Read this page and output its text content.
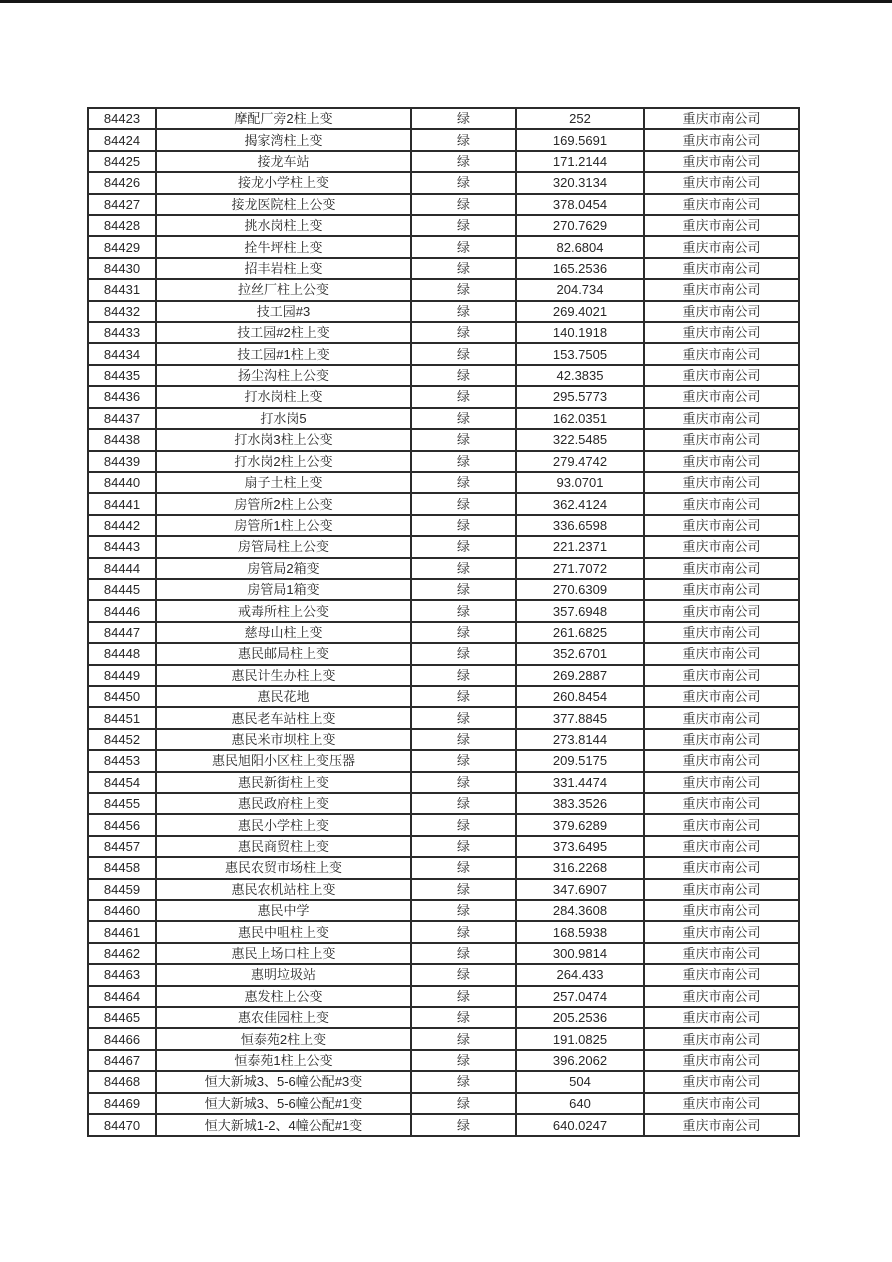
84423	摩配厂旁2柱上变	绿	252	重庆市南公司
84424	揭家湾柱上变	绿	169.5691	重庆市南公司
84425	接龙车站	绿	171.2144	重庆市南公司
84426	接龙小学柱上变	绿	320.3134	重庆市南公司
84427	接龙医院柱上公变	绿	378.0454	重庆市南公司
84428	挑水岗柱上变	绿	270.7629	重庆市南公司
84429	拴牛坪柱上变	绿	82.6804	重庆市南公司
84430	招丰岩柱上变	绿	165.2536	重庆市南公司
84431	拉丝厂柱上公变	绿	204.734	重庆市南公司
84432	技工园#3	绿	269.4021	重庆市南公司
84433	技工园#2柱上变	绿	140.1918	重庆市南公司
84434	技工园#1柱上变	绿	153.7505	重庆市南公司
84435	扬尘沟柱上公变	绿	42.3835	重庆市南公司
84436	打水岗柱上变	绿	295.5773	重庆市南公司
84437	打水岗5	绿	162.0351	重庆市南公司
84438	打水岗3柱上公变	绿	322.5485	重庆市南公司
84439	打水岗2柱上公变	绿	279.4742	重庆市南公司
84440	扇子土柱上变	绿	93.0701	重庆市南公司
84441	房管所2柱上公变	绿	362.4124	重庆市南公司
84442	房管所1柱上公变	绿	336.6598	重庆市南公司
84443	房管局柱上公变	绿	221.2371	重庆市南公司
84444	房管局2箱变	绿	271.7072	重庆市南公司
84445	房管局1箱变	绿	270.6309	重庆市南公司
84446	戒毒所柱上公变	绿	357.6948	重庆市南公司
84447	慈母山柱上变	绿	261.6825	重庆市南公司
84448	惠民邮局柱上变	绿	352.6701	重庆市南公司
84449	惠民计生办柱上变	绿	269.2887	重庆市南公司
84450	惠民花地	绿	260.8454	重庆市南公司
84451	惠民老车站柱上变	绿	377.8845	重庆市南公司
84452	惠民米市坝柱上变	绿	273.8144	重庆市南公司
84453	惠民旭阳小区柱上变压器	绿	209.5175	重庆市南公司
84454	惠民新街柱上变	绿	331.4474	重庆市南公司
84455	惠民政府柱上变	绿	383.3526	重庆市南公司
84456	惠民小学柱上变	绿	379.6289	重庆市南公司
84457	惠民商贸柱上变	绿	373.6495	重庆市南公司
84458	惠民农贸市场柱上变	绿	316.2268	重庆市南公司
84459	惠民农机站柱上变	绿	347.6907	重庆市南公司
84460	惠民中学	绿	284.3608	重庆市南公司
84461	惠民中咀柱上变	绿	168.5938	重庆市南公司
84462	惠民上场口柱上变	绿	300.9814	重庆市南公司
84463	惠明垃圾站	绿	264.433	重庆市南公司
84464	惠发柱上公变	绿	257.0474	重庆市南公司
84465	惠农佳园柱上变	绿	205.2536	重庆市南公司
84466	恒泰苑2柱上变	绿	191.0825	重庆市南公司
84467	恒泰苑1柱上公变	绿	396.2062	重庆市南公司
84468	恒大新城3、5-6幢公配#3变	绿	504	重庆市南公司
84469	恒大新城3、5-6幢公配#1变	绿	640	重庆市南公司
84470	恒大新城1-2、4幢公配#1变	绿	640.0247	重庆市南公司
